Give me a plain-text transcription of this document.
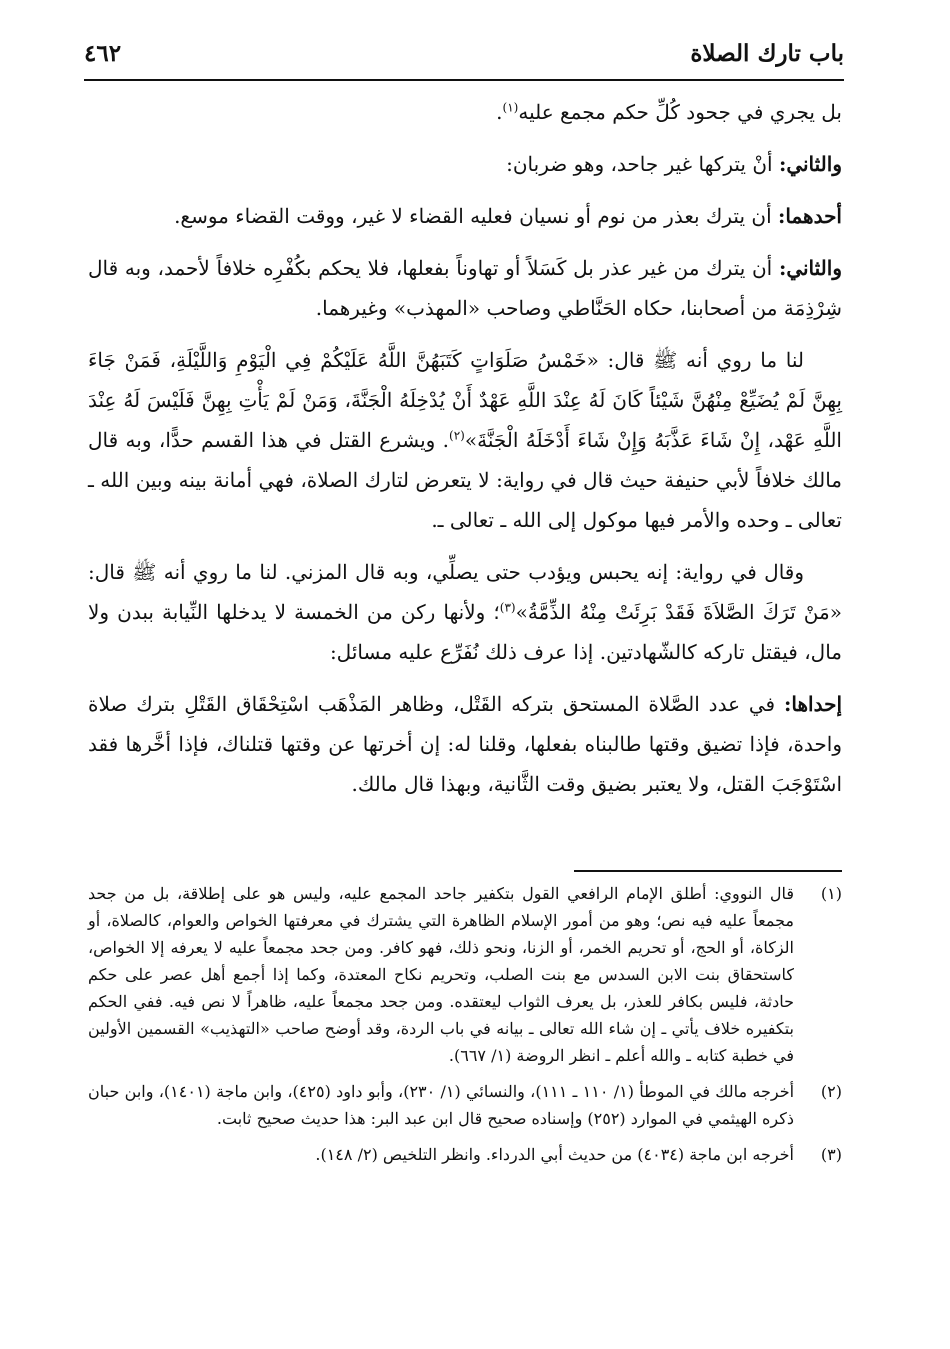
باب تارك الصلاة
٤٦٢

بل يجري في جحود كُلِّ حكم مجمع عليه$^{(١)}$.

والثاني: أنْ يتركها غير جاحد، وهو ضربان:

أحدهما: أن يترك بعذر من نوم أو نسيان فعليه القضاء لا غير، ووقت القضاء موسع.

والثاني: أن يترك من غير عذر بل كَسَلاً أو تهاوناً بفعلها، فلا يحكم بكُفْرِه خلافاً لأحمد، وبه قال شِرْذِمَة من أصحابنا، حكاه الحَنَّاطي وصاحب «المهذب» وغيرهما.

لنا ما روي أنه ﷺ قال: «خَمْسُ صَلَوَاتٍ كَتَبَهُنَّ اللَّهُ عَلَيْكُمْ فِي الْيَوْمِ وَاللَّيْلَةِ، فَمَنْ جَاءَ بِهِنَّ لَمْ يُضَيِّعْ مِنْهُنَّ شَيْئاً كَانَ لَهُ عِنْدَ اللَّهِ عَهْدٌ أَنْ يُدْخِلَهُ الْجَنَّةَ، وَمَنْ لَمْ يَأْتِ بِهِنَّ فَلَيْسَ لَهُ عِنْدَ اللَّهِ عَهْد، إِنْ شَاءَ عَذَّبَهُ وَإِنْ شَاءَ أَدْخَلَهُ الْجَنَّةَ»$^{(٢)}$. ويشرع القتل في هذا القسم حدًّا، وبه قال مالك خلافاً لأبي حنيفة حيث قال في رواية: لا يتعرض لتارك الصلاة، فهي أمانة بينه وبين الله ـ تعالى ـ وحده والأمر فيها موكول إلى الله ـ تعالى ـ.

وقال في رواية: إنه يحبس ويؤدب حتى يصلِّي، وبه قال المزني. لنا ما روي أنه ﷺ قال: «مَنْ تَرَكَ الصَّلاَةَ فَقَدْ بَرِئَتْ مِنْهُ الذِّمَّةُ»$^{(٣)}$؛ ولأنها ركن من الخمسة لا يدخلها النِّيابة ببدن ولا مال، فيقتل تاركه كالشّهادتين. إذا عرف ذلك نُفَرِّع عليه مسائل:

إحداها: في عدد الصَّلاة المستحق بتركه القَتْل، وظاهر المَذْهَب اسْتِحْقَاق القَتْلِ بترك صلاة واحدة، فإذا تضيق وقتها طالبناه بفعلها، وقلنا له: إن أخرتها عن وقتها قتلناك، فإذا أخَّرها فقد اسْتَوْجَبَ القتل، ولا يعتبر بضيق وقت الثَّانية، وبهذا قال مالك.

(١)
قال النووي: أطلق الإمام الرافعي القول بتكفير جاحد المجمع عليه، وليس هو على إطلاقة، بل من جحد مجمعاً عليه فيه نص؛ وهو من أمور الإسلام الظاهرة التي يشترك في معرفتها الخواص والعوام، كالصلاة، أو الزكاة، أو الحج، أو تحريم الخمر، أو الزنا، ونحو ذلك، فهو كافر. ومن جحد مجمعاً عليه لا يعرفه إلا الخواص، كاستحقاق بنت الابن السدس مع بنت الصلب، وتحريم نكاح المعتدة، وكما إذا أجمع أهل عصر على حكم حادثة، فليس بكافر للعذر، بل يعرف الثواب ليعتقده. ومن جحد مجمعاً عليه، ظاهراً لا نص فيه. ففي الحكم بتكفيره خلاف يأتي ـ إن شاء الله تعالى ـ بيانه في باب الردة، وقد أوضح صاحب «التهذيب» القسمين الأولين في خطبة كتابه ـ والله أعلم ـ انظر الروضة (١/ ٦٦٧).
(٢)
أخرجه مالك في الموطأ (١/ ١١٠ ـ ١١١)، والنسائي (١/ ٢٣٠)، وأبو داود (٤٢٥)، وابن ماجة (١٤٠١)، وابن حبان ذكره الهيثمي في الموارد (٢٥٢) وإسناده صحيح قال ابن عبد البر: هذا حديث صحيح ثابت.
(٣)
أخرجه ابن ماجة (٤٠٣٤) من حديث أبي الدرداء. وانظر التلخيص (٢/ ١٤٨).
